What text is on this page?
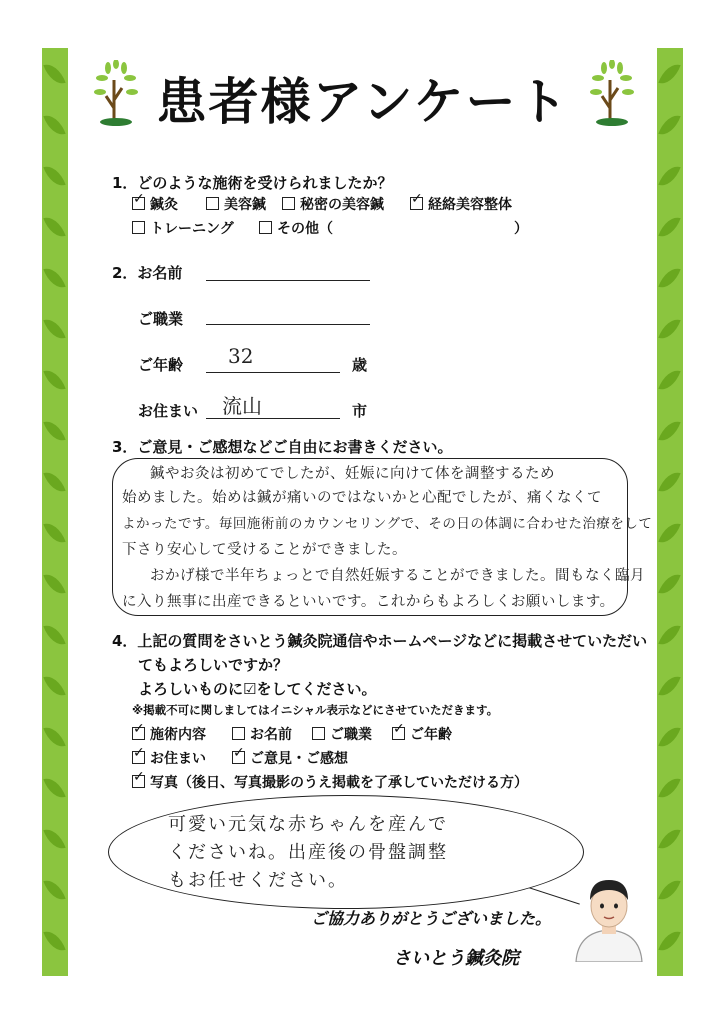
患者様アンケート
1．どのような施術を受けられましたか？
✓鍼灸	美容鍼	秘密の美容鍼 ✓	経絡美容整体
トレーニング	その他（	）
2．お名前
ご職業
ご年齢 32	歳
お住まい 流山	市
3．ご意見・ご感想などご自由にお書きください。
鍼やお灸は初めてでしたが、妊娠に向けて体を調整するため
始めました。始めは鍼が痛いのではないかと心配でしたが、痛くなくて
よかったです。毎回施術前のカウンセリングで、その日の体調に合わせた治療をして
下さり安心して受けることができました。
おかげ様で半年ちょっとで自然妊娠することができました。間もなく臨月
に入り無事に出産できるといいです。これからもよろしくお願いします。
4．上記の質問をさいとう鍼灸院通信やホームページなどに掲載させていただい
てもよろしいですか？
よろしいものに☑をしてください。
※掲載不可に関しましてはイニシャル表示などにさせていただきます。
✓施術内容	お名前	ご職業 ✓	ご年齢
✓お住まい ✓	ご意見・ご感想
✓写真（後日、写真撮影のうえ掲載を了承していただける方）
可愛い元気な赤ちゃんを産んで
くださいね。出産後の骨盤調整
もお任せください。
ご協力ありがとうございました。
さいとう鍼灸院
